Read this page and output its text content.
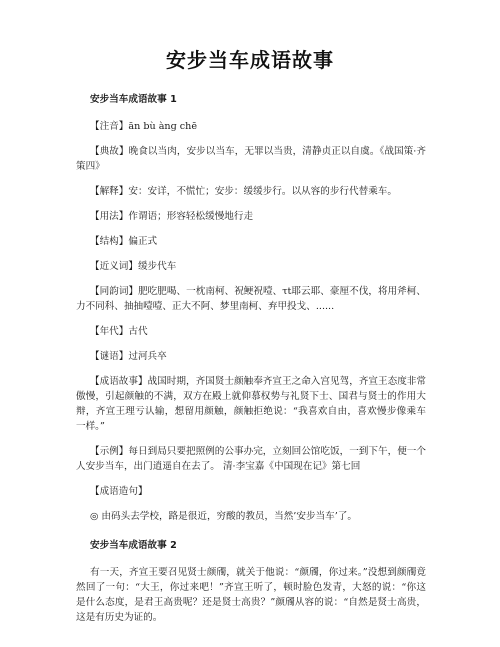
安步当车成语故事
安步当车成语故事 1

【注音】ān bù ànɡ chē

【典故】晚食以当肉，安步以当车，无罪以当贵，清静贞正以自虞。《战国策·齐策四》

【解释】安：安详，不慌忙；安步：缓缓步行。以从容的步行代替乘车。

【用法】作谓语；形容轻松缓慢地行走

【结构】偏正式

【近义词】缓步代车

【同韵词】肥吃肥喝、一枕南柯、祝鲠祝噎、τt耶云耶、豪厘不伐，将用斧柯、力不同科、抽抽噎噎、正大不阿、梦里南柯、弃甲投戈、......

【年代】古代

【谜语】过河兵卒

【成语故事】战国时期，齐国贤士颜触奉齐宣王之命入宫见驾，齐宣王态度非常傲慢，引起颜触的不满，双方在殿上就仰慕权势与礼贤下士、国君与贤士的作用大辩，齐宣王理亏认输，想留用颜触，颜触拒绝说：“我喜欢自由，喜欢慢步像乘车一样。”

【示例】每日到局只要把照例的公事办完，立刻回公馆吃饭，一到下午，便一个人安步当车，出门逍遥自在去了。 清·李宝嘉《中国现在记》第七回

【成语造句】

◎ 由码头去学校，路是很近，穷酸的教员，当然’安步当车’了。

安步当车成语故事 2

有一天，齐宣王要召见贤士颜斶，就关于他说：“颜斶，你过来。”没想到颜斶竟然回了一句：“大王，你过来吧！”齐宣王听了，顿时脸色发青，大怒的说：“你这是什么态度，是君王高贵呢？还是贤士高贵？”颜斶从容的说：“自然是贤士高贵，这是有历史为证的。
